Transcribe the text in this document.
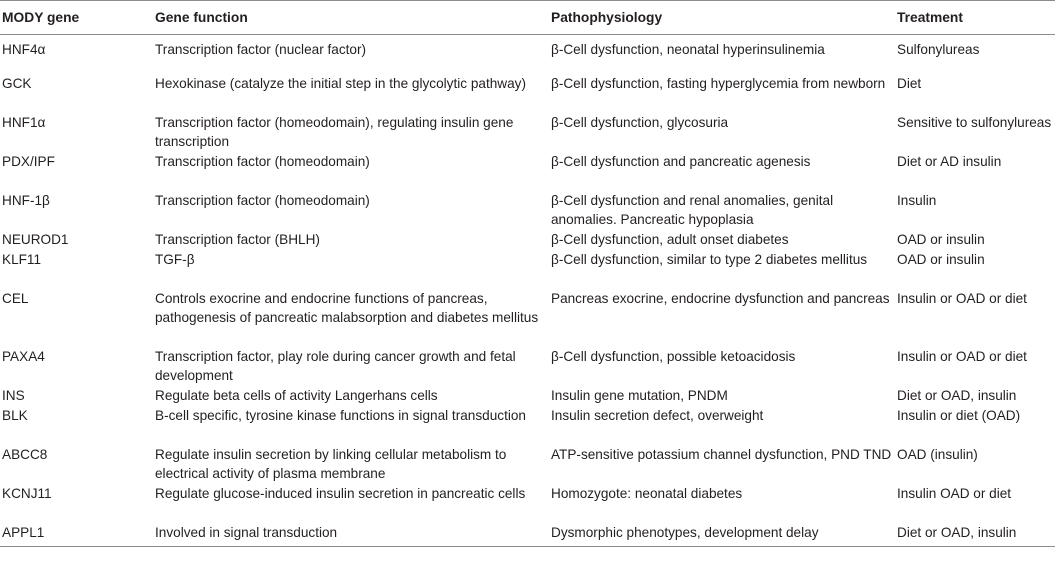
MODY gene	Gene function	Pathophysiology	Treatment
HNF4α	Transcription factor (nuclear factor)	β-Cell dysfunction, neonatal hyperinsulinemia	Sulfonylureas
GCK	Hexokinase (catalyze the initial step in the glycolytic pathway)	β-Cell dysfunction, fasting hyperglycemia from newborn	Diet
HNF1α	Transcription factor (homeodomain), regulating insulin gene transcription	β-Cell dysfunction, glycosuria	Sensitive to sulfonylureas
PDX/IPF	Transcription factor (homeodomain)	β-Cell dysfunction and pancreatic agenesis	Diet or AD insulin
HNF-1β	Transcription factor (homeodomain)	β-Cell dysfunction and renal anomalies, genital anomalies. Pancreatic hypoplasia	Insulin
NEUROD1	Transcription factor (BHLH)	β-Cell dysfunction, adult onset diabetes	OAD or insulin
KLF11	TGF-β	β-Cell dysfunction, similar to type 2 diabetes mellitus	OAD or insulin
CEL	Controls exocrine and endocrine functions of pancreas, pathogenesis of pancreatic malabsorption and diabetes mellitus	Pancreas exocrine, endocrine dysfunction and pancreas	Insulin or OAD or diet
PAXA4	Transcription factor, play role during cancer growth and fetal development	β-Cell dysfunction, possible ketoacidosis	Insulin or OAD or diet
INS	Regulate beta cells of activity Langerhans cells	Insulin gene mutation, PNDM	Diet or OAD, insulin
BLK	B-cell specific, tyrosine kinase functions in signal transduction	Insulin secretion defect, overweight	Insulin or diet (OAD)
ABCC8	Regulate insulin secretion by linking cellular metabolism to electrical activity of plasma membrane	ATP-sensitive potassium channel dysfunction, PND TND	OAD (insulin)
KCNJ11	Regulate glucose-induced insulin secretion in pancreatic cells	Homozygote: neonatal diabetes	Insulin OAD or diet
APPL1	Involved in signal transduction	Dysmorphic phenotypes, development delay	Diet or OAD, insulin
